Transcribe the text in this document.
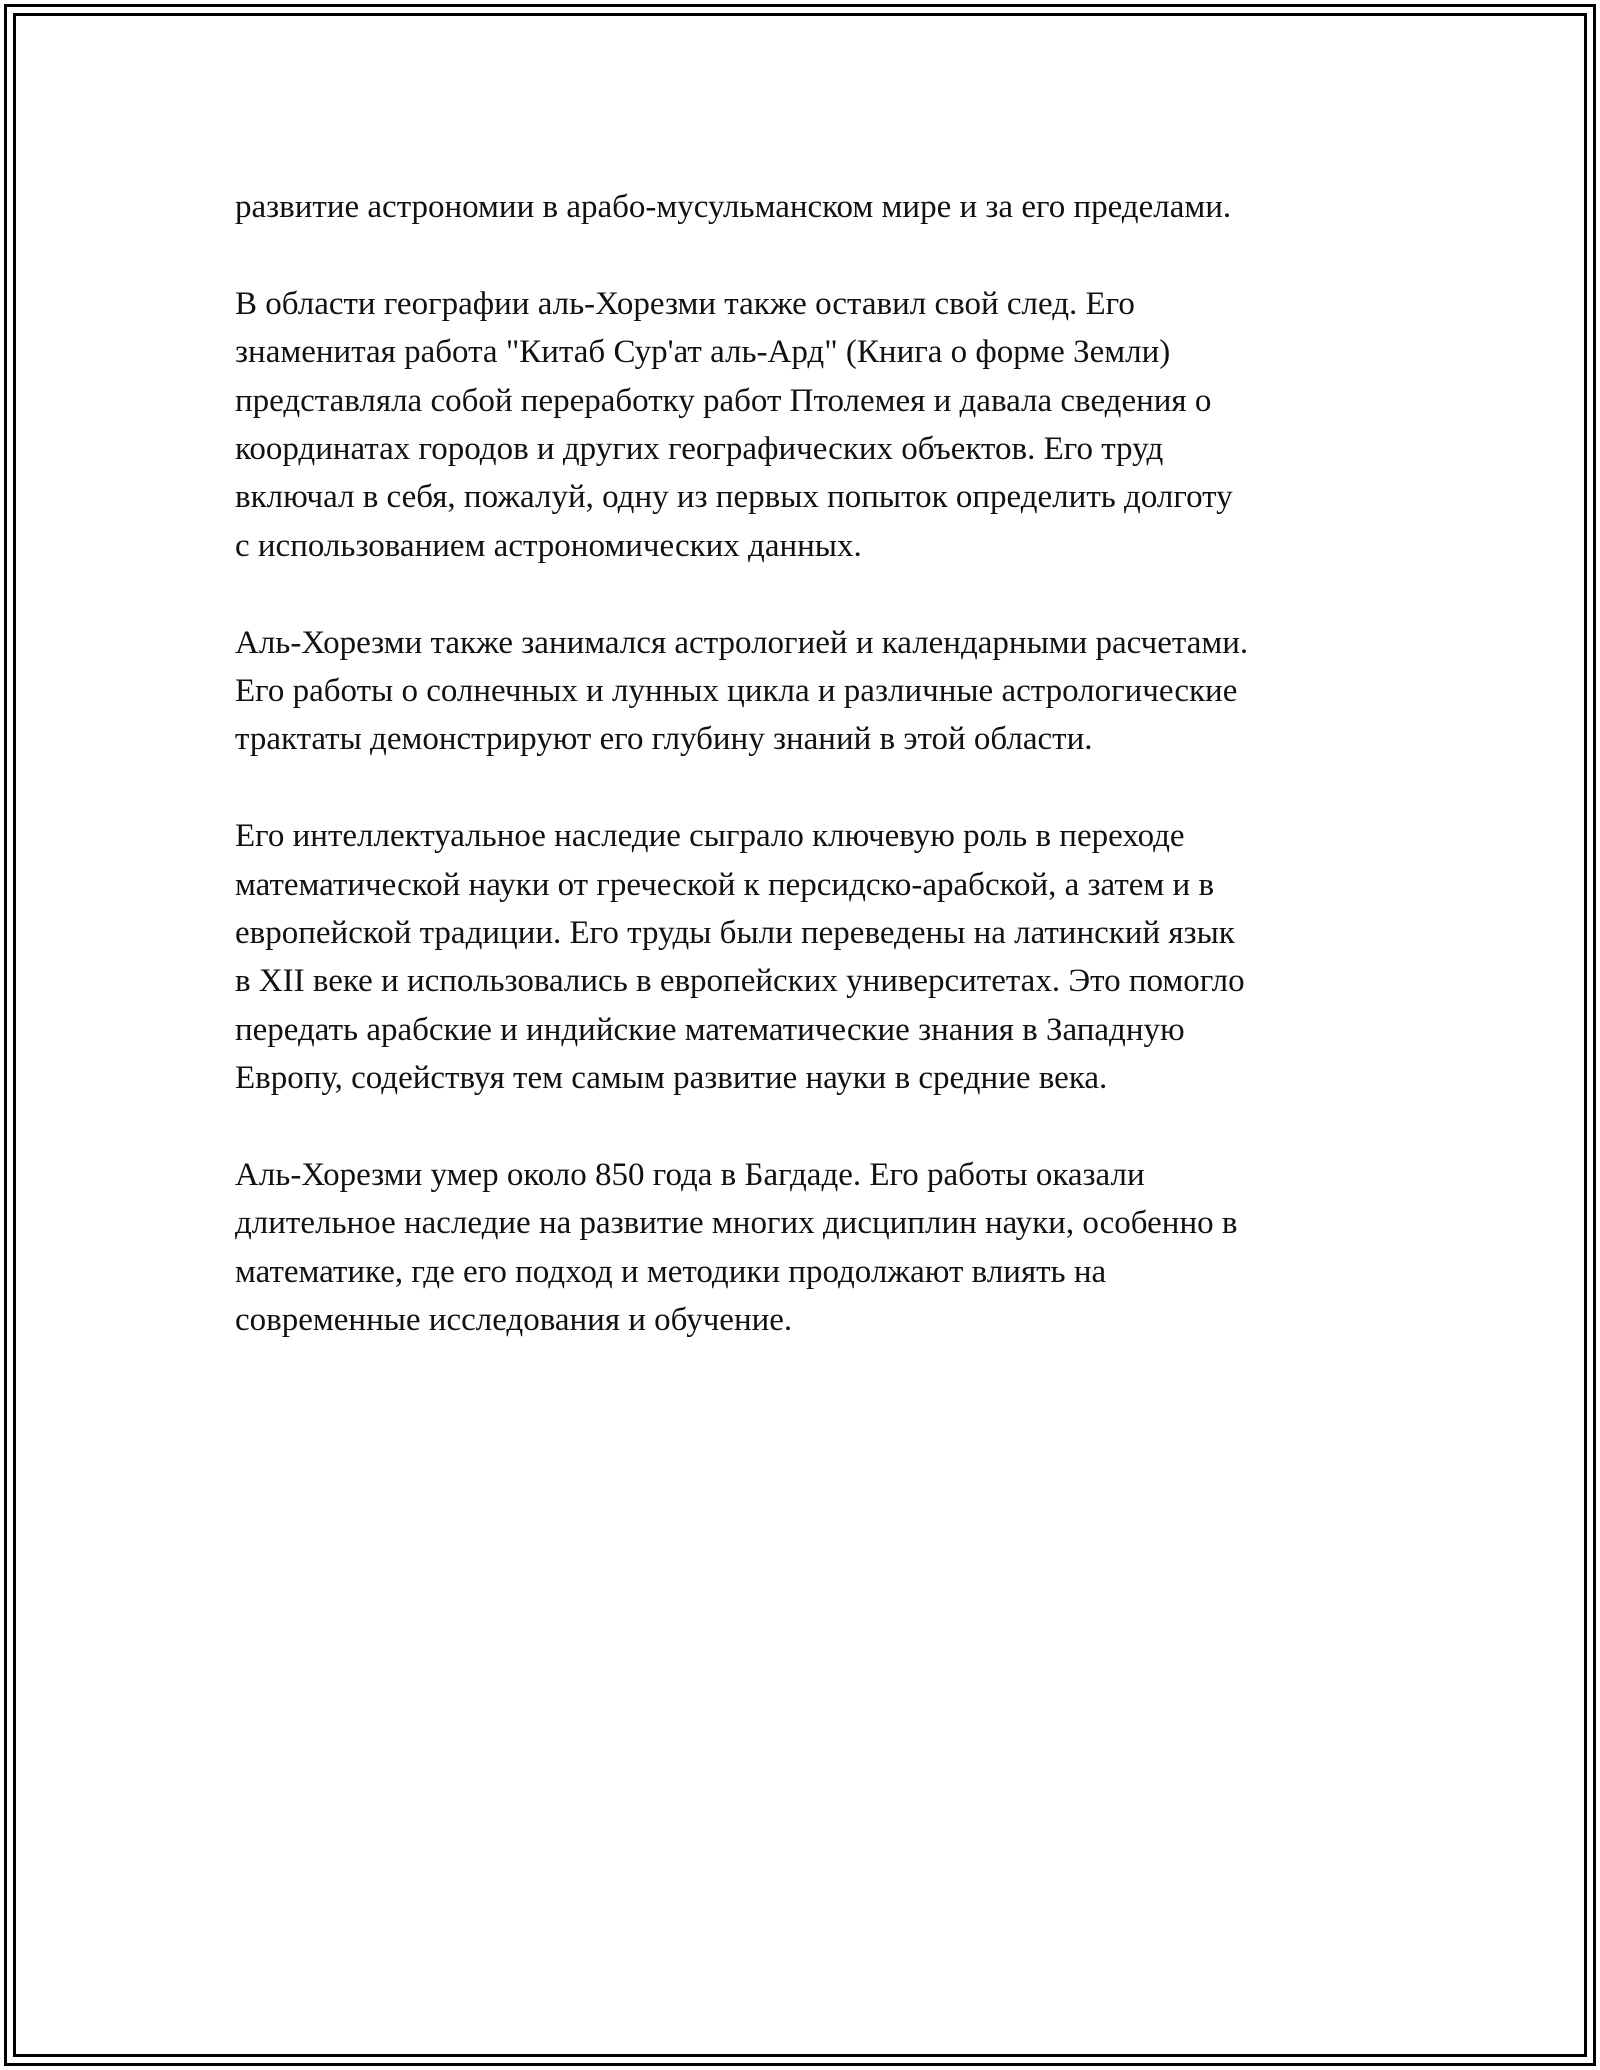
развитие астрономии в арабо-мусульманском мире и за его пределами.

В области географии аль-Хорезми также оставил свой след. Его
знаменитая работа "Китаб Сур'ат аль-Ард" (Книга о форме Земли)
представляла собой переработку работ Птолемея и давала сведения о
координатах городов и других географических объектов. Его труд
включал в себя, пожалуй, одну из первых попыток определить долготу
с использованием астрономических данных.

Аль-Хорезми также занимался астрологией и календарными расчетами.
Его работы о солнечных и лунных цикла и различные астрологические
трактаты демонстрируют его глубину знаний в этой области.

Его интеллектуальное наследие сыграло ключевую роль в переходе
математической науки от греческой к персидско-арабской, а затем и в
европейской традиции. Его труды были переведены на латинский язык
в XII веке и использовались в европейских университетах. Это помогло
передать арабские и индийские математические знания в Западную
Европу, содействуя тем самым развитие науки в средние века.

Аль-Хорезми умер около 850 года в Багдаде. Его работы оказали
длительное наследие на развитие многих дисциплин науки, особенно в
математике, где его подход и методики продолжают влиять на
современные исследования и обучение.
